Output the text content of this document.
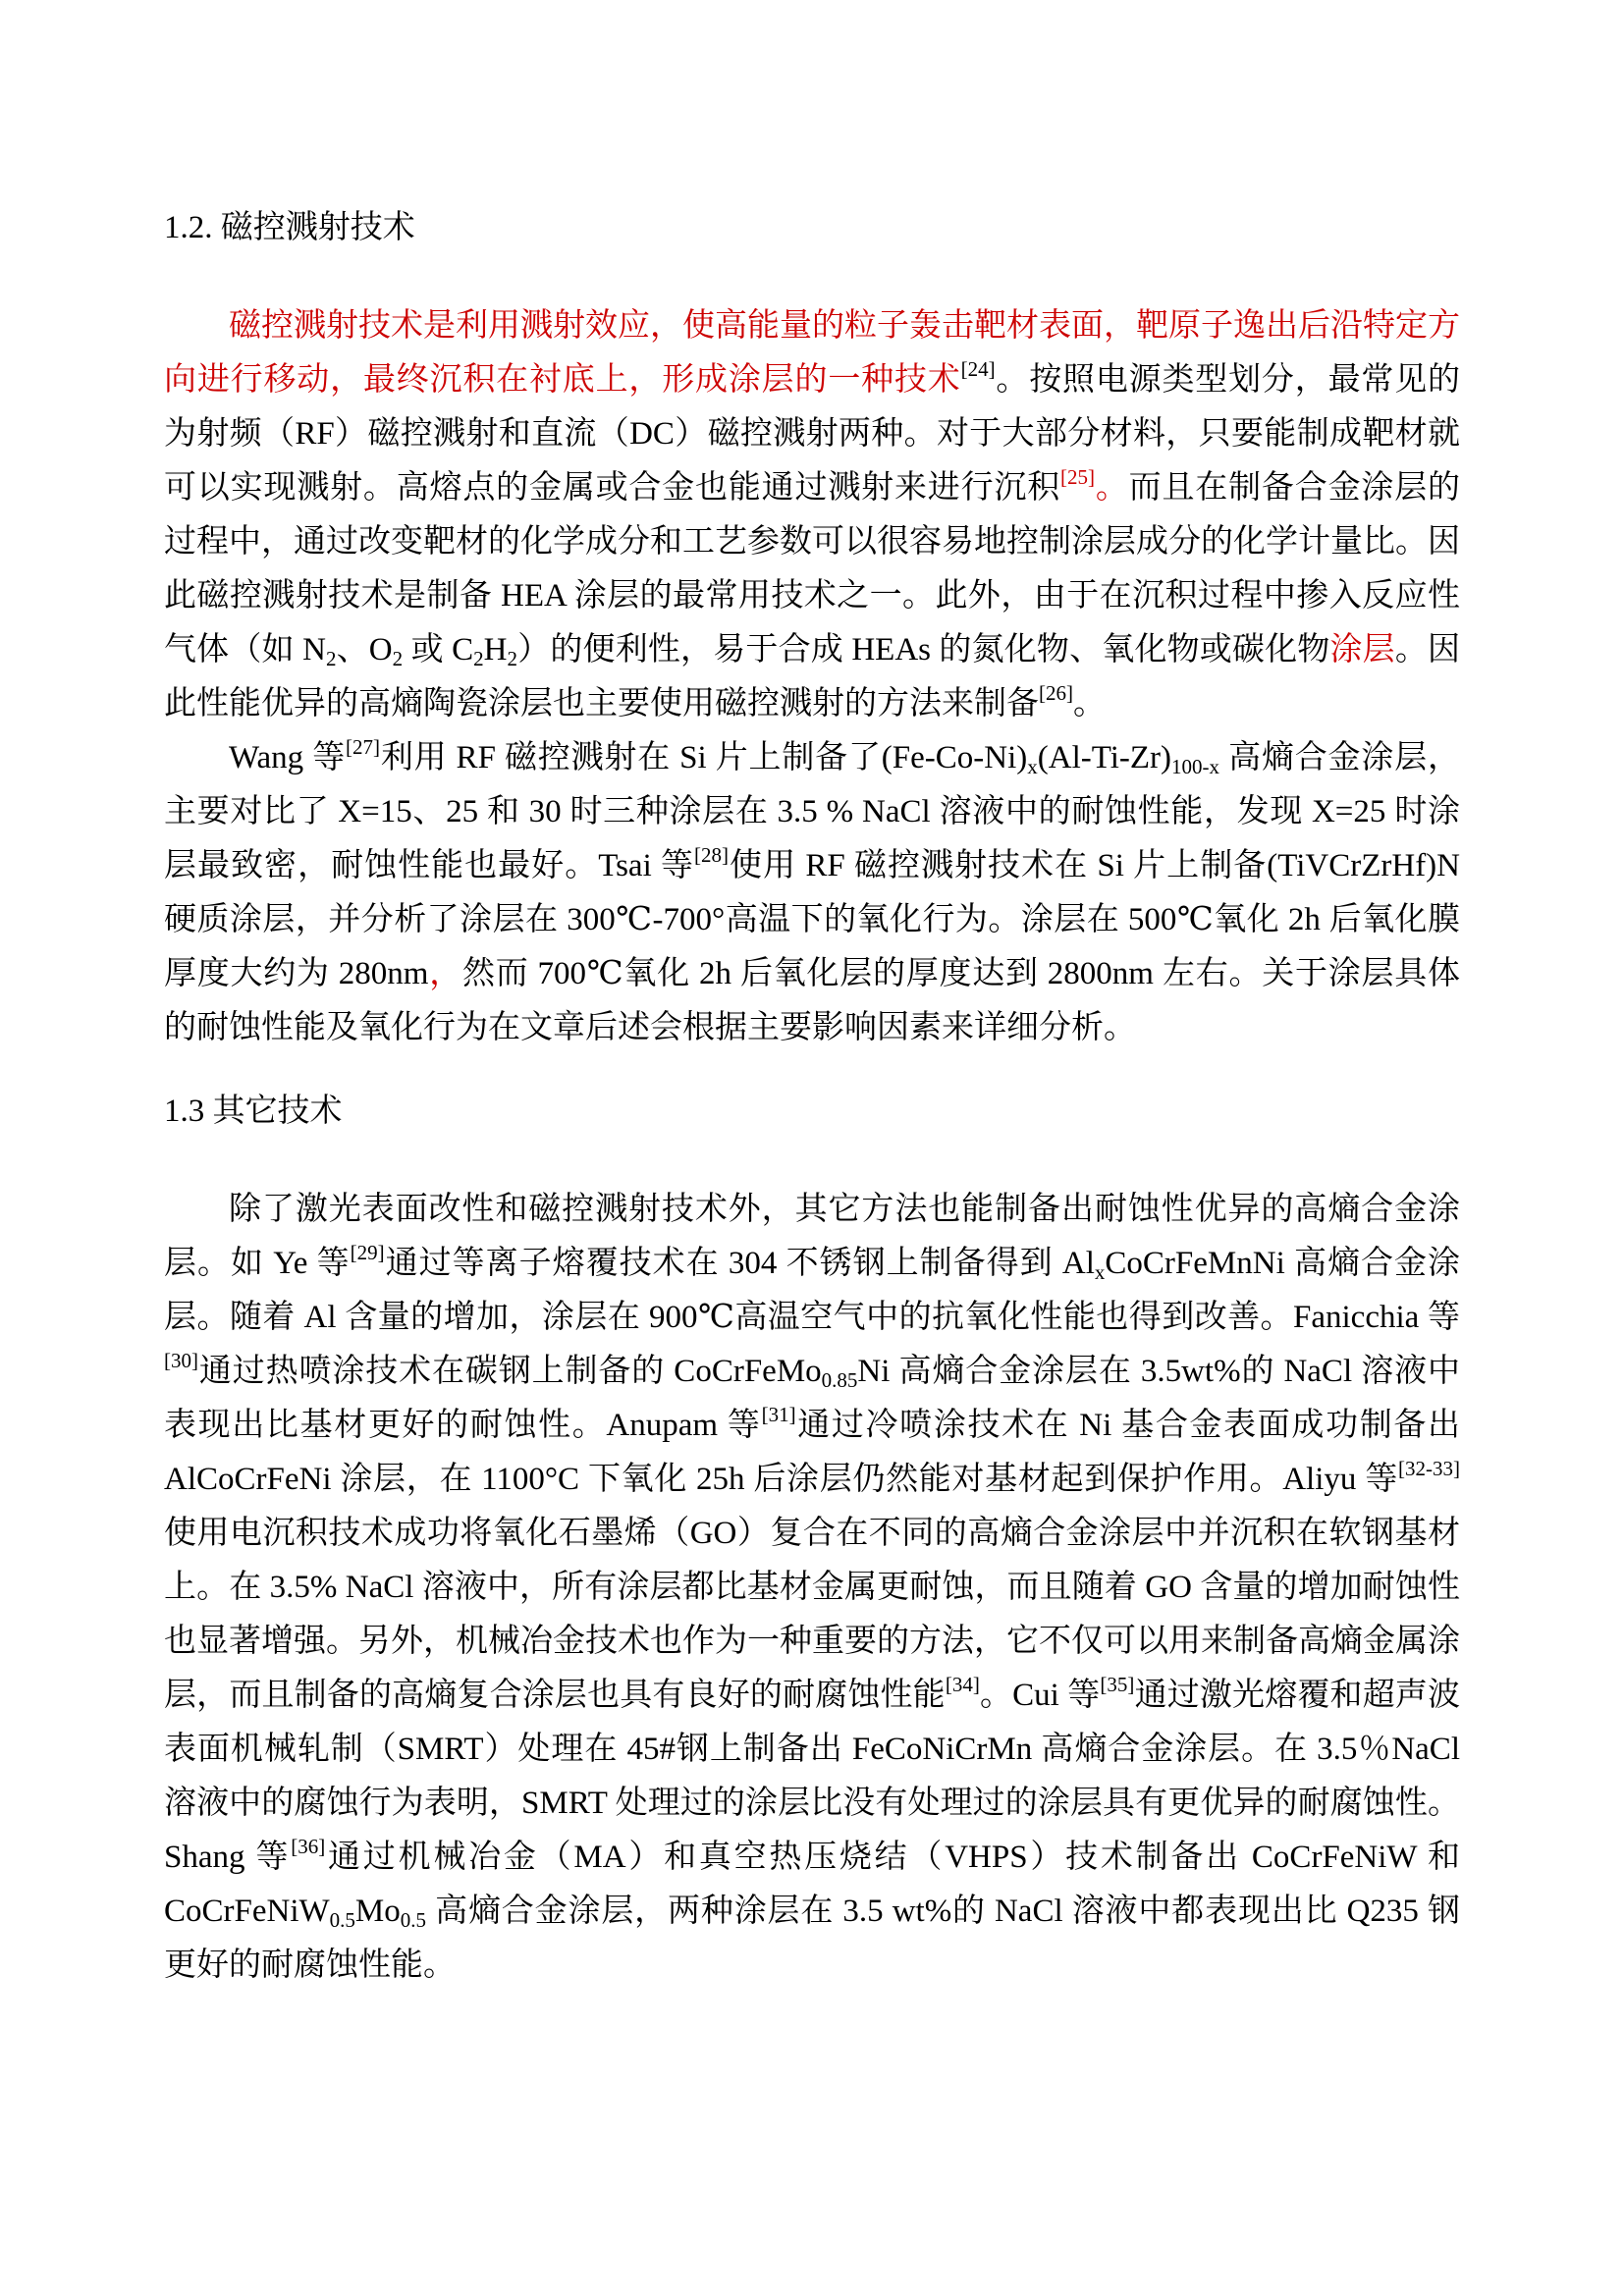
1.2. 磁控溅射技术

磁控溅射技术是利用溅射效应，使高能量的粒子轰击靶材表面，靶原子逸出后沿特定方向进行移动，最终沉积在衬底上，形成涂层的一种技术[24]。按照电源类型划分，最常见的为射频（RF）磁控溅射和直流（DC）磁控溅射两种。对于大部分材料，只要能制成靶材就可以实现溅射。高熔点的金属或合金也能通过溅射来进行沉积[25]。而且在制备合金涂层的过程中，通过改变靶材的化学成分和工艺参数可以很容易地控制涂层成分的化学计量比。因此磁控溅射技术是制备 HEA 涂层的最常用技术之一。此外，由于在沉积过程中掺入反应性气体（如 $N_2$、$O_2$ 或 $C_2H_2$）的便利性，易于合成 HEAs 的氮化物、氧化物或碳化物涂层。因此性能优异的高熵陶瓷涂层也主要使用磁控溅射的方法来制备[26]。

Wang 等[27]利用 RF 磁控溅射在 Si 片上制备了$(Fe-Co-Ni)_x(Al-Ti-Zr)_{100-x}$ 高熵合金涂层，主要对比了 X=15、25 和 30 时三种涂层在 3.5 % NaCl 溶液中的耐蚀性能，发现 X=25 时涂层最致密，耐蚀性能也最好。Tsai 等[28]使用 RF 磁控溅射技术在 Si 片上制备(TiVCrZrHf)N 硬质涂层，并分析了涂层在 300℃-700°高温下的氧化行为。涂层在 500℃氧化 2h 后氧化膜厚度大约为 280nm，然而 700℃氧化 2h 后氧化层的厚度达到 2800nm 左右。关于涂层具体的耐蚀性能及氧化行为在文章后述会根据主要影响因素来详细分析。

1.3 其它技术

除了激光表面改性和磁控溅射技术外，其它方法也能制备出耐蚀性优异的高熵合金涂层。如 Ye 等[29]通过等离子熔覆技术在 304 不锈钢上制备得到 $Al_xCoCrFeMnNi$ 高熵合金涂层。随着 Al 含量的增加，涂层在 900℃高温空气中的抗氧化性能也得到改善。Fanicchia 等[30]通过热喷涂技术在碳钢上制备的 CoCrFeMo$_{0.85}$Ni 高熵合金涂层在 3.5wt%的 NaCl 溶液中表现出比基材更好的耐蚀性。Anupam 等[31]通过冷喷涂技术在 Ni 基合金表面成功制备出 AlCoCrFeNi 涂层，在 1100°C 下氧化 25h 后涂层仍然能对基材起到保护作用。Aliyu 等[32-33]使用电沉积技术成功将氧化石墨烯（GO）复合在不同的高熵合金涂层中并沉积在软钢基材上。在 3.5% NaCl 溶液中，所有涂层都比基材金属更耐蚀，而且随着 GO 含量的增加耐蚀性也显著增强。另外，机械冶金技术也作为一种重要的方法，它不仅可以用来制备高熵金属涂层，而且制备的高熵复合涂层也具有良好的耐腐蚀性能[34]。Cui 等[35]通过激光熔覆和超声波表面机械轧制（SMRT）处理在 45#钢上制备出 FeCoNiCrMn 高熵合金涂层。在 3.5％NaCl 溶液中的腐蚀行为表明，SMRT 处理过的涂层比没有处理过的涂层具有更优异的耐腐蚀性。Shang 等[36]通过机械冶金（MA）和真空热压烧结（VHPS）技术制备出 CoCrFeNiW 和 $CoCrFeNiW_{0.5}Mo_{0.5}$ 高熵合金涂层，两种涂层在 3.5 wt%的 NaCl 溶液中都表现出比 Q235 钢更好的耐腐蚀性能。
